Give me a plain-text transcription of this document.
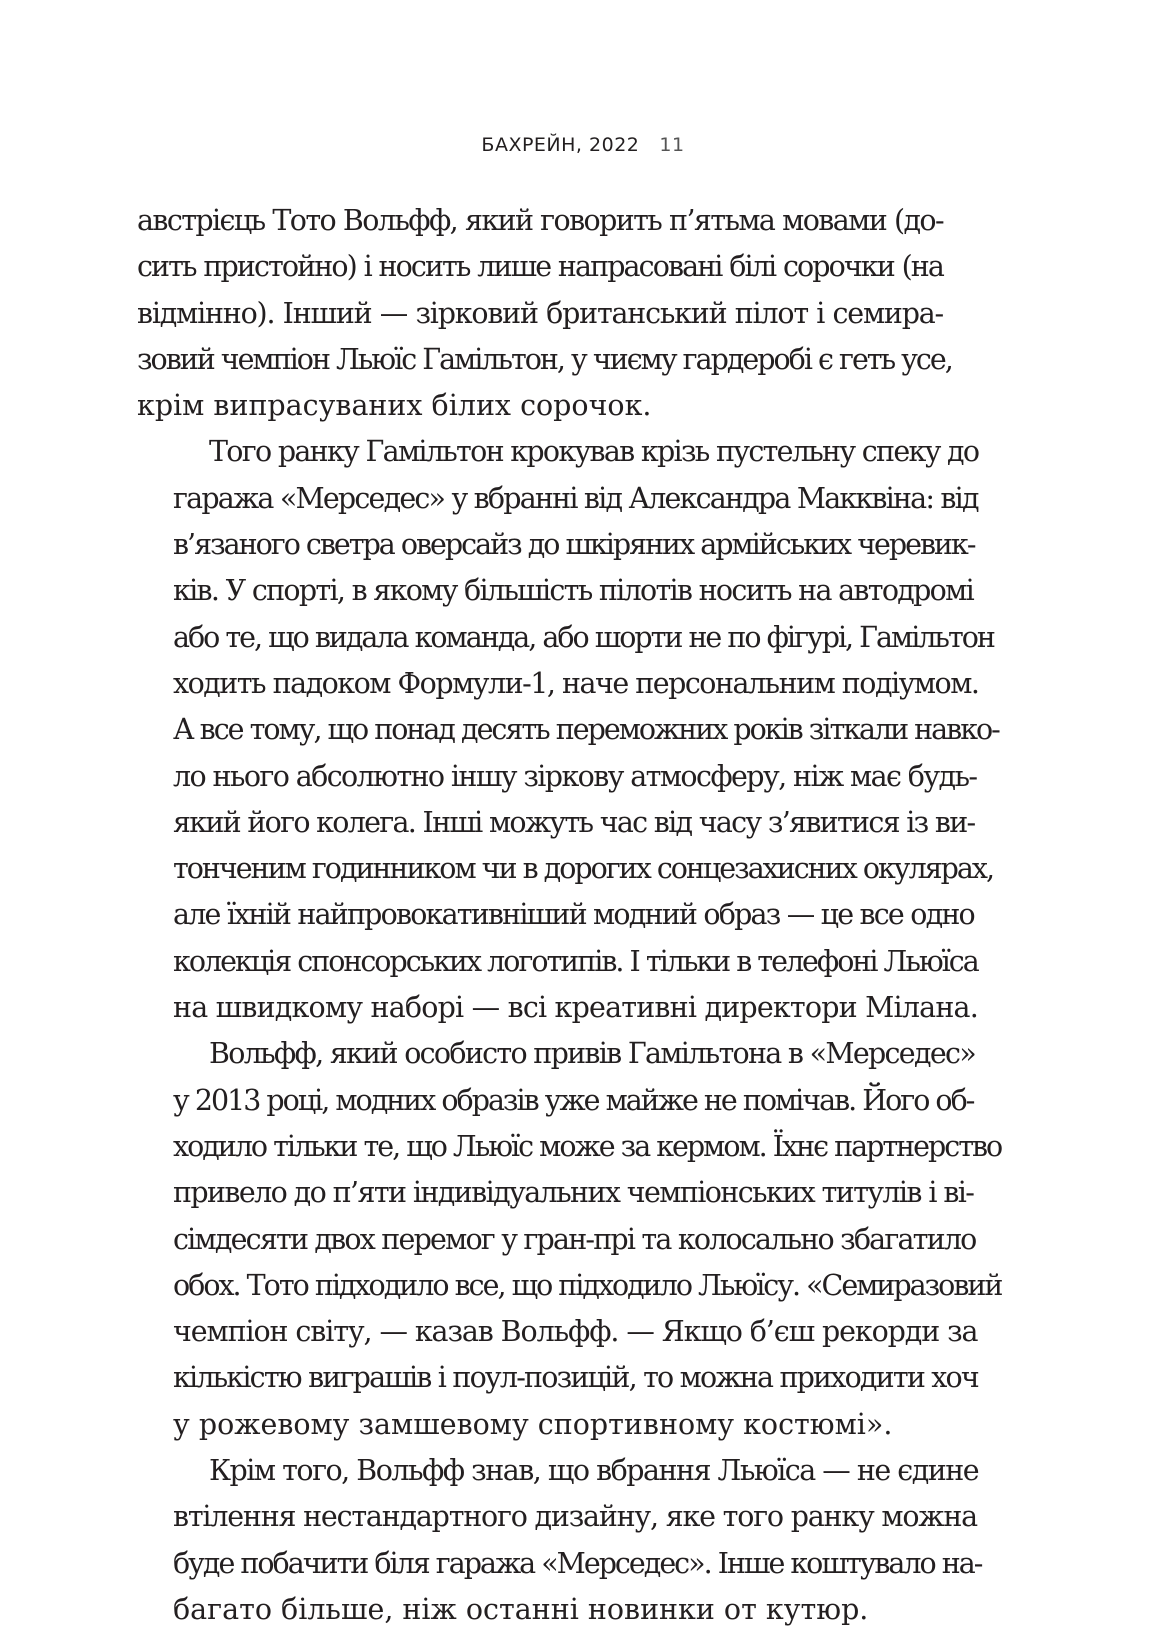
БАХРЕЙН, 2022 11

австрієць Тото Вольфф, який говорить п’ятьма мовами (до-
сить пристойно) і носить лише напрасовані білі сорочки (на
відмінно). Інший — зірковий британський пілот і семира-
зовий чемпіон Льюїс Гамільтон, у чиєму гардеробі є геть усе,
крім випрасуваних білих сорочок.

Того ранку Гамільтон крокував крізь пустельну спеку до
гаража «Мерседес» у вбранні від Александра Макквіна: від
в’язаного светра оверсайз до шкіряних армійських черевик-
ків. У спорті, в якому більшість пілотів носить на автодромі
або те, що видала команда, або шорти не по фігурі, Гамільтон
ходить падоком Формули-1, наче персональним подіумом.
А все тому, що понад десять переможних років зіткали навко-
ло нього абсолютно іншу зіркову атмосферу, ніж має будь-
який його колега. Інші можуть час від часу з’явитися із ви-
тонченим годинником чи в дорогих сонцезахисних окулярах,
але їхній найпровокативніший модний образ — це все одно
колекція спонсорських логотипів. І тільки в телефоні Льюїса
на швидкому наборі — всі креативні директори Мілана.

Вольфф, який особисто привів Гамільтона в «Мерседес»
у 2013 році, модних образів уже майже не помічав. Його об-
ходило тільки те, що Льюїс може за кермом. Їхнє партнерство
привело до п’яти індивідуальних чемпіонських титулів і ві-
сімдесяти двох перемог у гран-прі та колосально збагатило
обох. Тото підходило все, що підходило Льюїсу. «Семиразовий
чемпіон світу, — казав Вольфф. — Якщо б’єш рекорди за
кількістю виграшів і поул-позицій, то можна приходити хоч
у рожевому замшевому спортивному костюмі».

Крім того, Вольфф знав, що вбрання Льюїса — не єдине
втілення нестандартного дизайну, яке того ранку можна
буде побачити біля гаража «Мерседес». Інше коштувало на-
багато більше, ніж останні новинки от кутюр.
